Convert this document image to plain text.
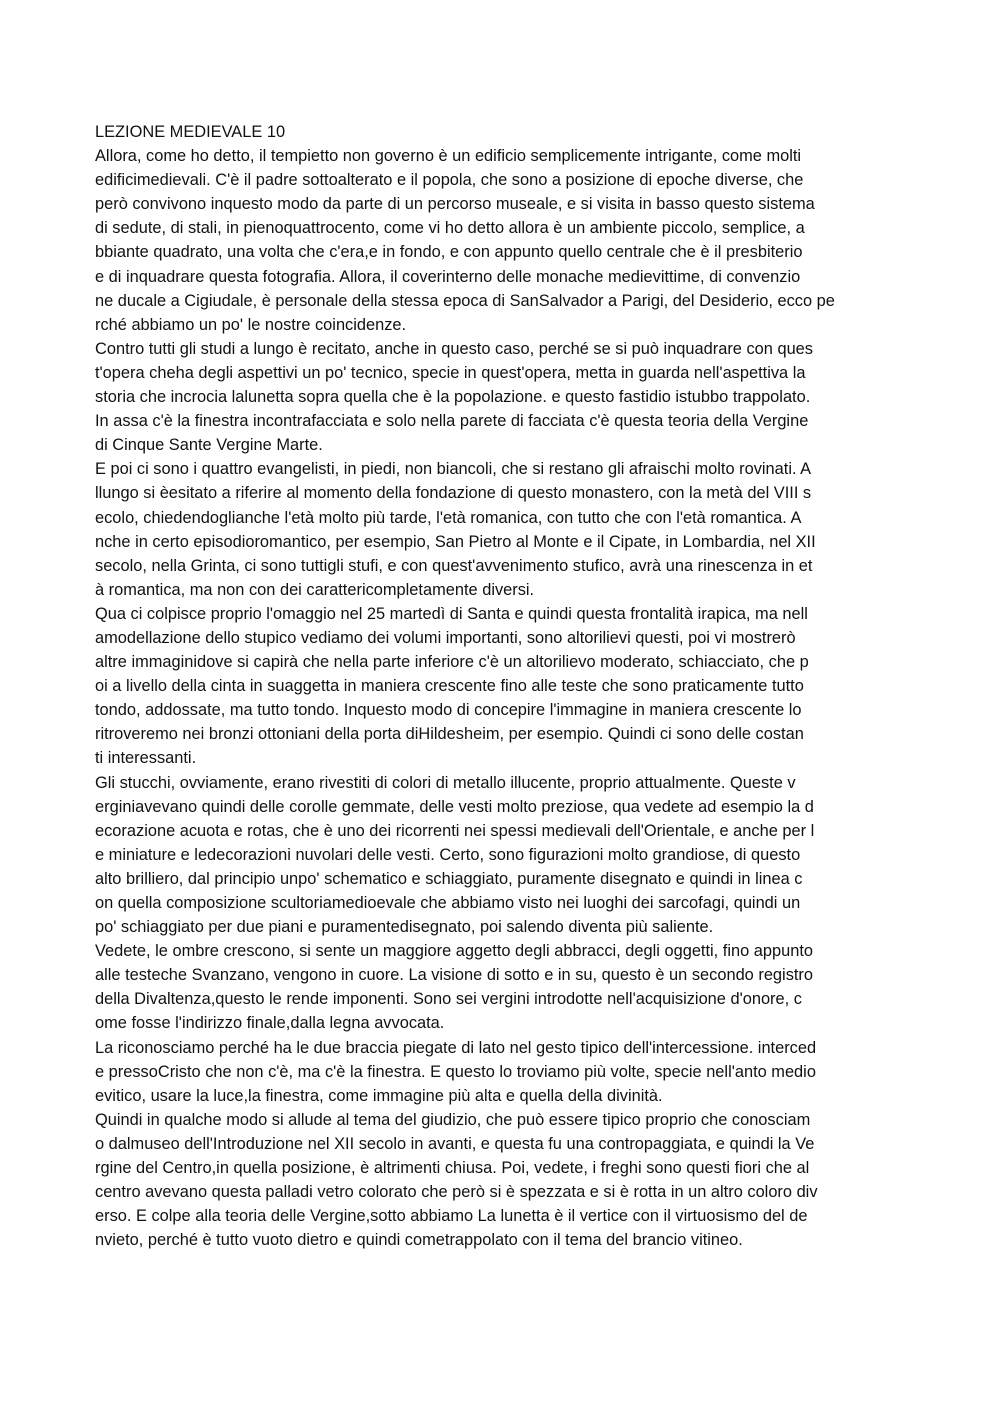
LEZIONE MEDIEVALE 10
Allora, come ho detto, il tempietto non governo è un edificio semplicemente intrigante, come molti
edificimedievali. C'è il padre sottoalterato e il popola, che sono a posizione di epoche diverse, che
però convivono inquesto modo da parte di un percorso museale, e si visita in basso questo sistema
di sedute, di stali, in pienoquattrocento, come vi ho detto allora è un ambiente piccolo, semplice, a
bbiante quadrato, una volta che c'era,e in fondo, e con appunto quello centrale che è il presbiterio
e di inquadrare questa fotografia. Allora, il coverinterno delle monache medievittime, di convenzio
ne ducale a Cigiudale, è personale della stessa epoca di SanSalvador a Parigi, del Desiderio, ecco pe
rché abbiamo un po' le nostre coincidenze.
Contro tutti gli studi a lungo è recitato, anche in questo caso, perché se si può inquadrare con ques
t'opera cheha degli aspettivi un po' tecnico, specie in quest'opera, metta in guarda nell'aspettiva la
storia che incrocia lalunetta sopra quella che è la popolazione. e questo fastidio istubbo trappolato.
In assa c'è la finestra incontrafacciata e solo nella parete di facciata c'è questa teoria della Vergine
di Cinque Sante Vergine Marte.
E poi ci sono i quattro evangelisti, in piedi, non biancoli, che si restano gli afraischi molto rovinati. A
llungo si èesitato a riferire al momento della fondazione di questo monastero, con la metà del VIII s
ecolo, chiedendoglianche l'età molto più tarde, l'età romanica, con tutto che con l'età romantica. A
nche in certo episodioromantico, per esempio, San Pietro al Monte e il Cipate, in Lombardia, nel XII
secolo, nella Grinta, ci sono tuttigli stufi, e con quest'avvenimento stufico, avrà una rinescenza in et
à romantica, ma non con dei carattericompletamente diversi.
Qua ci colpisce proprio l'omaggio nel 25 martedì di Santa e quindi questa frontalità irapica, ma nell
amodellazione dello stupico vediamo dei volumi importanti, sono altorilievi questi, poi vi mostrerò
altre immaginidove si capirà che nella parte inferiore c'è un altorilievo moderato, schiacciato, che p
oi a livello della cinta in suaggetta in maniera crescente fino alle teste che sono praticamente tutto
tondo, addossate, ma tutto tondo. Inquesto modo di concepire l'immagine in maniera crescente lo
ritroveremo nei bronzi ottoniani della porta diHildesheim, per esempio. Quindi ci sono delle costan
ti interessanti.
Gli stucchi, ovviamente, erano rivestiti di colori di metallo illucente, proprio attualmente. Queste v
erginiavevano quindi delle corolle gemmate, delle vesti molto preziose, qua vedete ad esempio la d
ecorazione acuota e rotas, che è uno dei ricorrenti nei spessi medievali dell'Orientale, e anche per l
e miniature e ledecorazioni nuvolari delle vesti. Certo, sono figurazioni molto grandiose, di questo
alto brilliero, dal principio unpo' schematico e schiaggiato, puramente disegnato e quindi in linea c
on quella composizione scultoriamedioevale che abbiamo visto nei luoghi dei sarcofagi, quindi un
po' schiaggiato per due piani e puramentedisegnato, poi salendo diventa più saliente.
Vedete, le ombre crescono, si sente un maggiore aggetto degli abbracci, degli oggetti, fino appunto
alle testeche Svanzano, vengono in cuore. La visione di sotto e in su, questo è un secondo registro
della Divaltenza,questo le rende imponenti. Sono sei vergini introdotte nell'acquisizione d'onore, c
ome fosse l'indirizzo finale,dalla legna avvocata.
La riconosciamo perché ha le due braccia piegate di lato nel gesto tipico dell'intercessione. interced
e pressoCristo che non c'è, ma c'è la finestra. E questo lo troviamo più volte, specie nell'anto medio
evitico, usare la luce,la finestra, come immagine più alta e quella della divinità.
Quindi in qualche modo si allude al tema del giudizio, che può essere tipico proprio che conosciam
o dalmuseo dell'Introduzione nel XII secolo in avanti, e questa fu una contropaggiata, e quindi la Ve
rgine del Centro,in quella posizione, è altrimenti chiusa. Poi, vedete, i freghi sono questi fiori che al
centro avevano questa palladi vetro colorato che però si è spezzata e si è rotta in un altro coloro div
erso. E colpe alla teoria delle Vergine,sotto abbiamo La lunetta è il vertice con il virtuosismo del de
nvieto, perché è tutto vuoto dietro e quindi cometrappolato con il tema del brancio vitineo.
